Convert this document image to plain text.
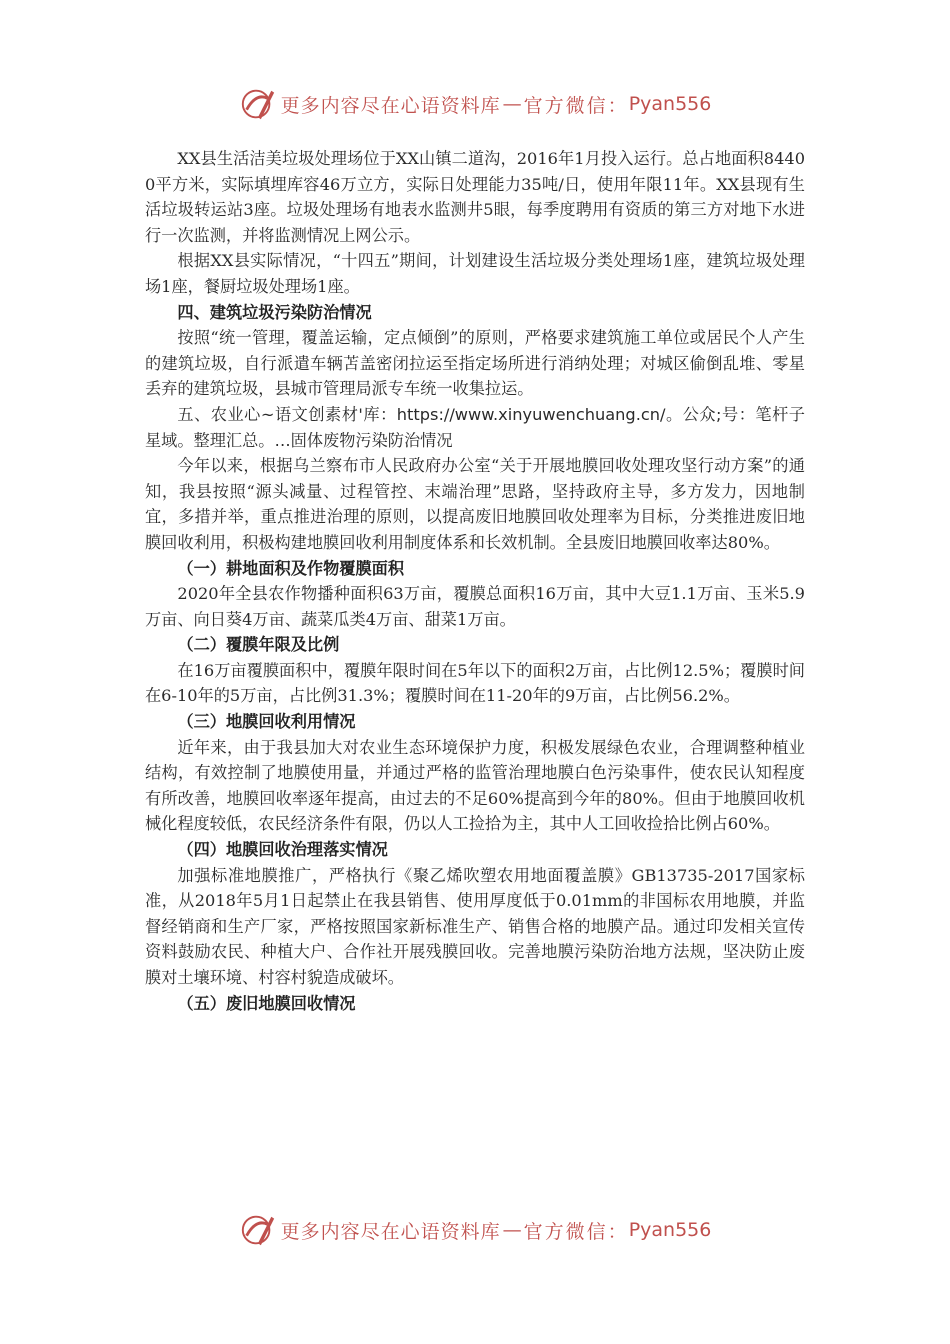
更多内容尽在心语资料库 — 官方微信： Pyan556

XX县生活洁美垃圾处理场位于XX山镇二道沟，2016年1月投入运行。总占地面积84400平方米，实际填埋库容46万立方，实际日处理能力35吨/日，使用年限11年。XX县现有生活垃圾转运站3座。垃圾处理场有地表水监测井5眼，每季度聘用有资质的第三方对地下水进行一次监测，并将监测情况上网公示。

根据XX县实际情况，“十四五”期间，计划建设生活垃圾分类处理场1座，建筑垃圾处理场1座，餐厨垃圾处理场1座。

四、建筑垃圾污染防治情况

按照“统一管理，覆盖运输，定点倾倒”的原则，严格要求建筑施工单位或居民个人产生的建筑垃圾，自行派遣车辆苫盖密闭拉运至指定场所进行消纳处理；对城区偷倒乱堆、零星丢弃的建筑垃圾，县城市管理局派专车统一收集拉运。

五、农业心~语文创素材'库：https://www.xinyuwenchuang.cn/。公众;号：笔杆子星域。整理汇总。…固体废物污染防治情况

今年以来，根据乌兰察布市人民政府办公室“关于开展地膜回收处理攻坚行动方案”的通知，我县按照“源头减量、过程管控、末端治理”思路，坚持政府主导，多方发力，因地制宜，多措并举，重点推进治理的原则，以提高废旧地膜回收处理率为目标，分类推进废旧地膜回收利用，积极构建地膜回收利用制度体系和长效机制。全县废旧地膜回收率达80%。

（一）耕地面积及作物覆膜面积

2020年全县农作物播种面积63万亩，覆膜总面积16万亩，其中大豆1.1万亩、玉米5.9万亩、向日葵4万亩、蔬菜瓜类4万亩、甜菜1万亩。

（二）覆膜年限及比例

在16万亩覆膜面积中，覆膜年限时间在5年以下的面积2万亩，占比例12.5%；覆膜时间在6-10年的5万亩，占比例31.3%；覆膜时间在11-20年的9万亩，占比例56.2%。

（三）地膜回收利用情况

近年来，由于我县加大对农业生态环境保护力度，积极发展绿色农业，合理调整种植业结构，有效控制了地膜使用量，并通过严格的监管治理地膜白色污染事件，使农民认知程度有所改善，地膜回收率逐年提高，由过去的不足60%提高到今年的80%。但由于地膜回收机械化程度较低，农民经济条件有限，仍以人工捡拾为主，其中人工回收捡拾比例占60%。

（四）地膜回收治理落实情况

加强标准地膜推广，严格执行《聚乙烯吹塑农用地面覆盖膜》GB13735-2017国家标准，从2018年5月1日起禁止在我县销售、使用厚度低于0.01mm的非国标农用地膜，并监督经销商和生产厂家，严格按照国家新标准生产、销售合格的地膜产品。通过印发相关宣传资料鼓励农民、种植大户、合作社开展残膜回收。完善地膜污染防治地方法规，坚决防止废膜对土壤环境、村容村貌造成破坏。

（五）废旧地膜回收情况

更多内容尽在心语资料库 — 官方微信： Pyan556
